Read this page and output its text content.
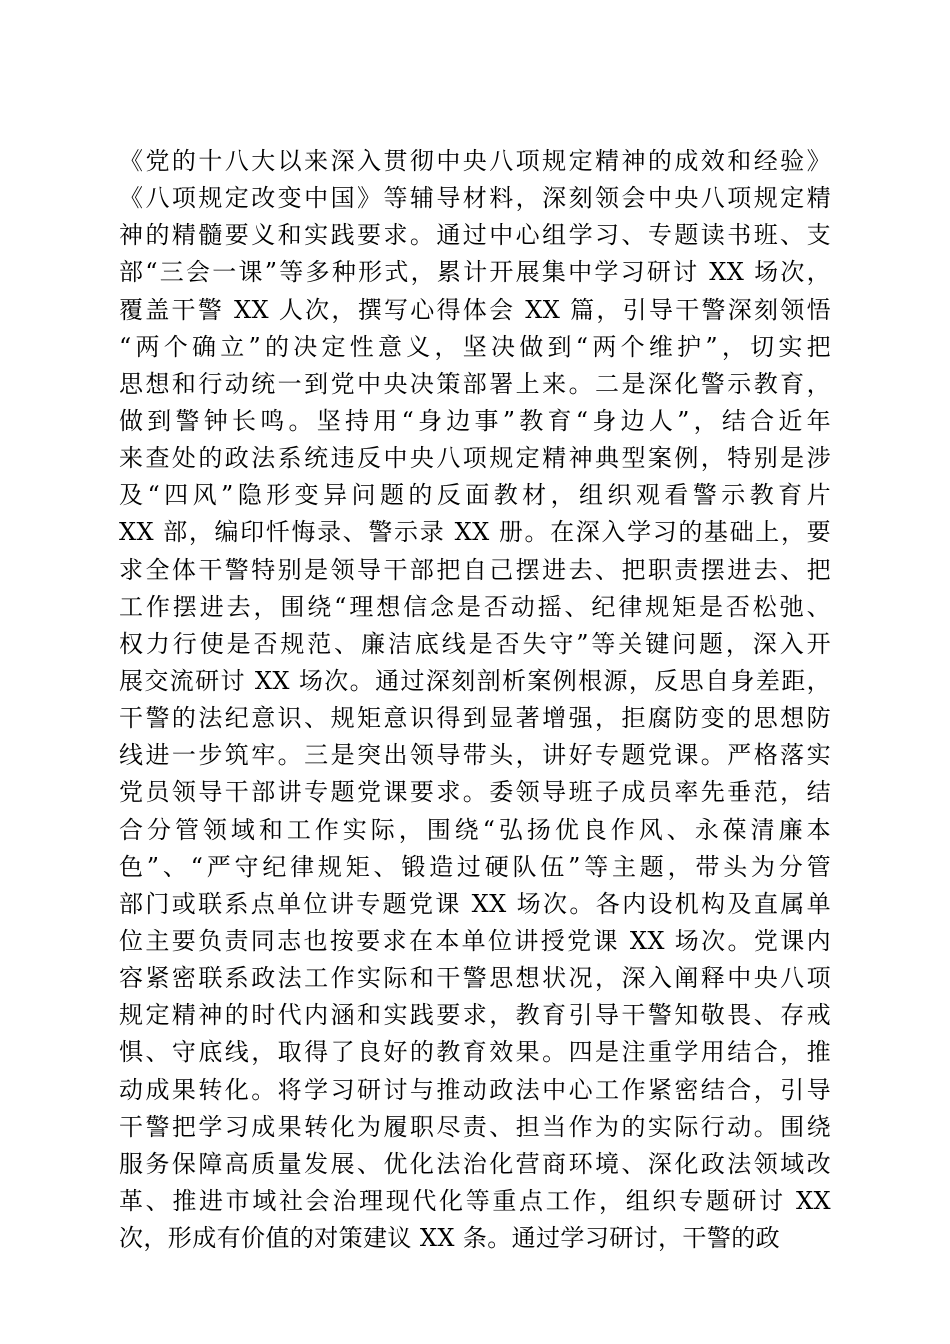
《党的十八大以来深入贯彻中央八项规定精神的成效和经验》
《八项规定改变中国》等辅导材料，深刻领会中央八项规定精
神的精髓要义和实践要求。通过中心组学习、专题读书班、支
部“三会一课”等多种形式，累计开展集中学习研讨 XX 场次，
覆盖干警 XX 人次，撰写心得体会 XX 篇，引导干警深刻领悟
“两个确立”的决定性意义，坚决做到“两个维护”，切实把
思想和行动统一到党中央决策部署上来。二是深化警示教育，
做到警钟长鸣。坚持用“身边事”教育“身边人”，结合近年
来查处的政法系统违反中央八项规定精神典型案例，特别是涉
及“四风”隐形变异问题的反面教材，组织观看警示教育片
XX 部，编印忏悔录、警示录 XX 册。在深入学习的基础上，要
求全体干警特别是领导干部把自己摆进去、把职责摆进去、把
工作摆进去，围绕“理想信念是否动摇、纪律规矩是否松弛、
权力行使是否规范、廉洁底线是否失守”等关键问题，深入开
展交流研讨 XX 场次。通过深刻剖析案例根源，反思自身差距，
干警的法纪意识、规矩意识得到显著增强，拒腐防变的思想防
线进一步筑牢。三是突出领导带头，讲好专题党课。严格落实
党员领导干部讲专题党课要求。委领导班子成员率先垂范，结
合分管领域和工作实际，围绕“弘扬优良作风、永葆清廉本
色”、“严守纪律规矩、锻造过硬队伍”等主题，带头为分管
部门或联系点单位讲专题党课 XX 场次。各内设机构及直属单
位主要负责同志也按要求在本单位讲授党课 XX 场次。党课内
容紧密联系政法工作实际和干警思想状况，深入阐释中央八项
规定精神的时代内涵和实践要求，教育引导干警知敬畏、存戒
惧、守底线，取得了良好的教育效果。四是注重学用结合，推
动成果转化。将学习研讨与推动政法中心工作紧密结合，引导
干警把学习成果转化为履职尽责、担当作为的实际行动。围绕
服务保障高质量发展、优化法治化营商环境、深化政法领域改
革、推进市域社会治理现代化等重点工作，组织专题研讨 XX
次，形成有价值的对策建议 XX 条。通过学习研讨，干警的政
